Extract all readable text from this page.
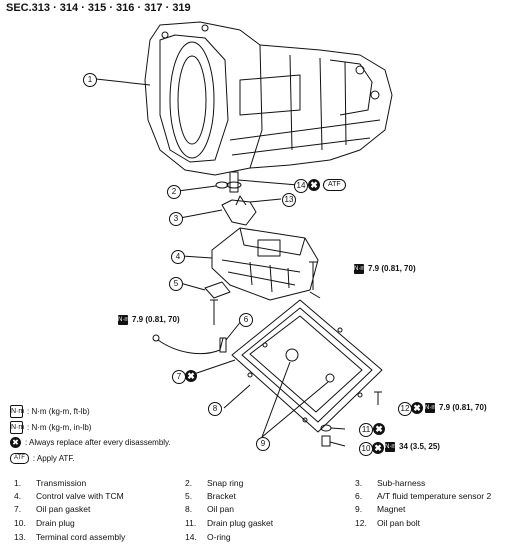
SEC.313 · 314 · 315 · 316 · 317 · 319
1
2
3
4
5
6
7 ✖
8
9
10 ✖
11 ✖
12 ✖
13
14 ✖	ATF
N·m 7.9 (0.81, 70)
N·m 7.9 (0.81, 70)
N·m 7.9 (0.81, 70)
N·m 34 (3.5, 25)
N·m : N·m (kg-m, ft-lb)
N·m : N·m (kg-m, in-lb)
✖ : Always replace after every disassembly.
ATF	: Apply ATF.
1. Transmission	2. Snap ring	3. Sub-harness
4. Control valve with TCM	5. Bracket	6. A/T fluid temperature sensor 2
7. Oil pan gasket	8. Oil pan	9. Magnet
10. Drain plug	11. Drain plug gasket	12. Oil pan bolt
13. Terminal cord assembly	14. O-ring
